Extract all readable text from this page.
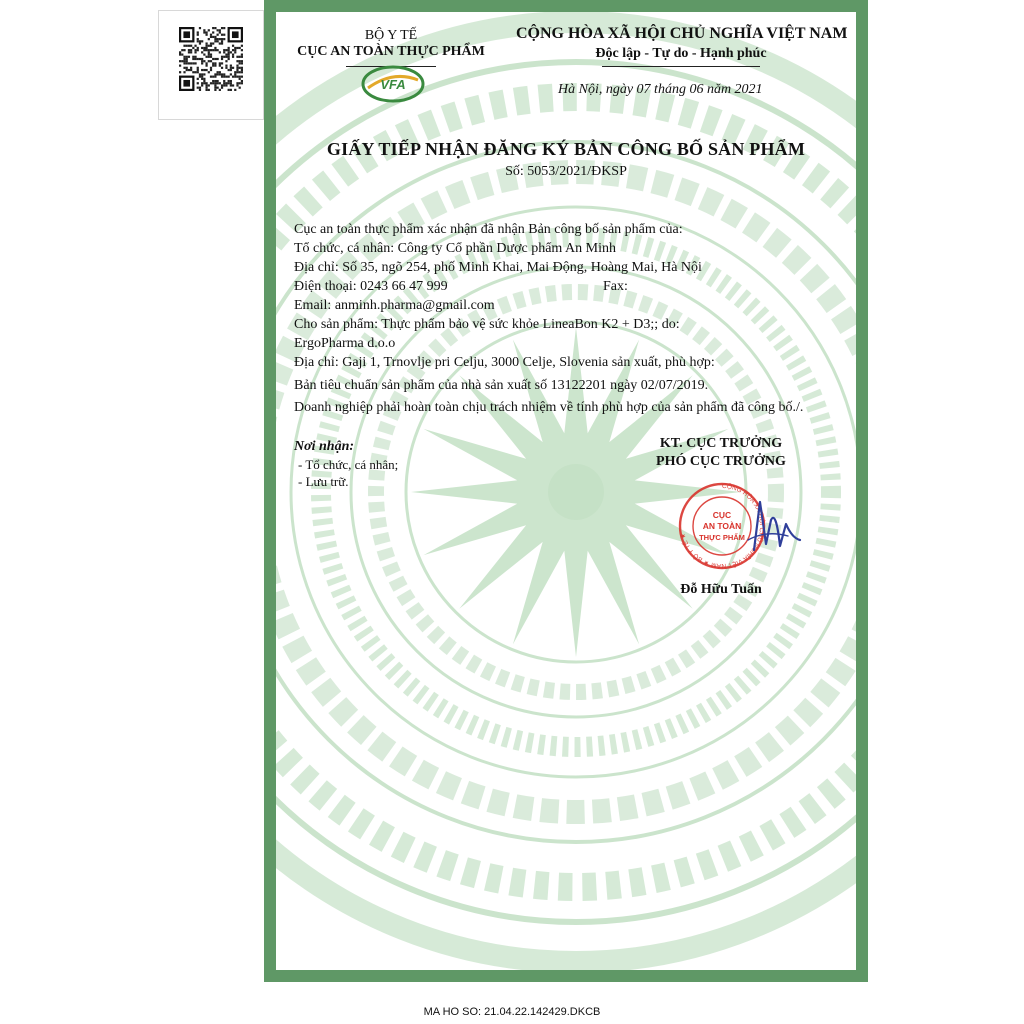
BỘ Y TẾ
CỤC AN TOÀN THỰC PHẨM
VFA
CỘNG HÒA XÃ HỘI CHỦ NGHĨA VIỆT NAM
Độc lập - Tự do - Hạnh phúc
Hà Nội, ngày 07 tháng 06 năm 2021
GIẤY TIẾP NHẬN ĐĂNG KÝ BẢN CÔNG BỐ SẢN PHẨM
Số: 5053/2021/ĐKSP
Cục an toàn thực phẩm xác nhận đã nhận Bản công bố sản phẩm của:
Tổ chức, cá nhân: Công ty Cổ phần Dược phẩm An Minh
Địa chỉ: Số 35, ngõ 254, phố Minh Khai, Mai Động, Hoàng Mai, Hà Nội
Điện thoại: 0243 66 47 999	Fax:
Email: anminh.pharma@gmail.com
Cho sản phẩm: Thực phẩm bảo vệ sức khỏe LineaBon K2 + D3;; do:
ErgoPharma d.o.o
Địa chỉ: Gaji 1, Trnovlje pri Celju, 3000 Celje, Slovenia sản xuất, phù hợp:
Bản tiêu chuẩn sản phẩm của nhà sản xuất số 13122201 ngày 02/07/2019.
Doanh nghiệp phải hoàn toàn chịu trách nhiệm về tính phù hợp của sản phẩm đã công bố./.
Nơi nhận:
- Tổ chức, cá nhân;
- Lưu trữ.
KT. CỤC TRƯỞNG
PHÓ CỤC TRƯỞNG
CỘNG HÒA XÃ HỘI CHỦ NGHĨA VIỆT NAM ★ BỘ Y TẾ ★
CỤC
AN TOÀN
THỰC PHẨM
Đỗ Hữu Tuấn
MA HO SO: 21.04.22.142429.DKCB
